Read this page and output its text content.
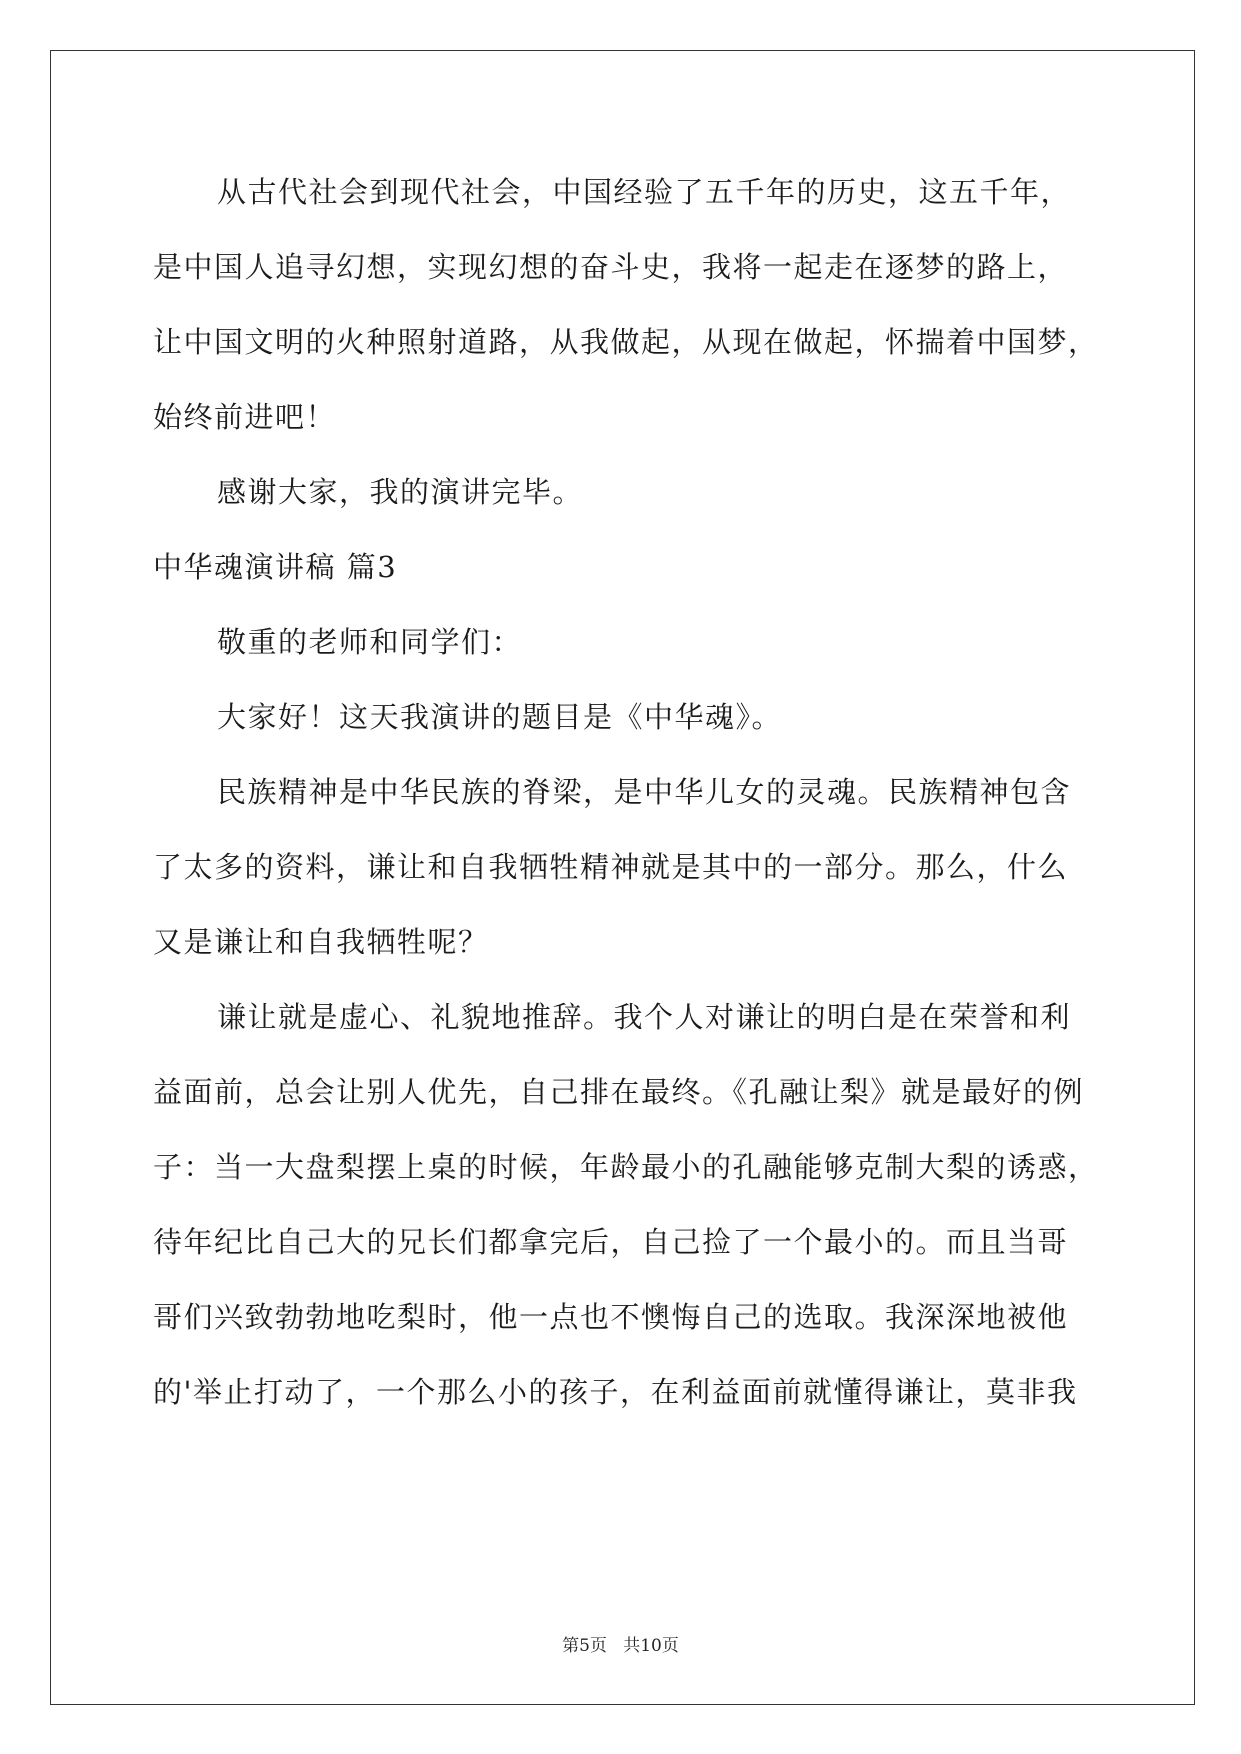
从古代社会到现代社会，中国经验了五千年的历史，这五千年，
是中国人追寻幻想，实现幻想的奋斗史，我将一起走在逐梦的路上，
让中国文明的火种照射道路，从我做起，从现在做起，怀揣着中国梦，
始终前进吧！
感谢大家，我的演讲完毕。
中华魂演讲稿 篇3
敬重的老师和同学们：
大家好！这天我演讲的题目是《中华魂》。
民族精神是中华民族的脊梁，是中华儿女的灵魂。民族精神包含
了太多的资料，谦让和自我牺牲精神就是其中的一部分。那么，什么
又是谦让和自我牺牲呢？
谦让就是虚心、礼貌地推辞。我个人对谦让的明白是在荣誉和利
益面前，总会让别人优先，自己排在最终。《孔融让梨》就是最好的例
子：当一大盘梨摆上桌的时候，年龄最小的孔融能够克制大梨的诱惑，
待年纪比自己大的兄长们都拿完后，自己捡了一个最小的。而且当哥
哥们兴致勃勃地吃梨时，他一点也不懊悔自己的选取。我深深地被他
的'举止打动了，一个那么小的孩子，在利益面前就懂得谦让，莫非我
第5页 共10页
